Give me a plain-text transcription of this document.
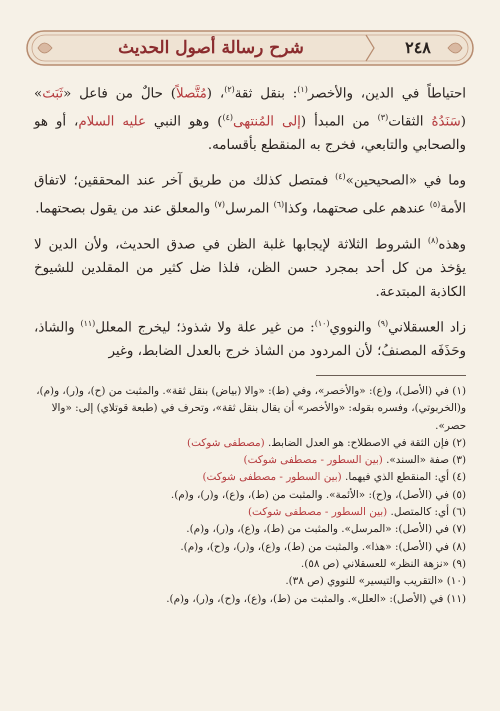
شرح رسالة أصول الحديث	٢٤٨

احتياطاً في الدين، والأخصر$^{(١)}$: بنقل ثقة$^{(٢)}$، (مُتَّصلاً) حالٌ من فاعل «ثَبَتَ» (سَنَدُهُ الثقات$^{(٣)}$ من المبدأ (إلى المُنتهى$^{(٤)}$) وهو النبي عليه السلام، أو هو والصحابي والتابعي، فخرج به المنقطع بأقسامه.

وما في «الصحيحين»$^{(٤)}$ فمتصل كذلك من طريق آخر عند المحققين؛ لاتفاق الأمة$^{(٥)}$ عندهم على صحتهما، وكذا$^{(٦)}$ المرسل$^{(٧)}$ والمعلق عند من يقول بصحتهما.

وهذه$^{(٨)}$ الشروط الثلاثة لإيجابها غلبة الظن في صدق الحديث، ولأن الدين لا يؤخذ من كل أحد بمجرد حسن الظن، فلذا ضل كثير من المقلدين للشيوخ الكاذبة المبتدعة.

زاد العسقلاني$^{(٩)}$ والنووي$^{(١٠)}$: من غير علة ولا شذوذ؛ ليخرج المعلل$^{(١١)}$ والشاذ، وحَذَفَه المصنفُ؛ لأن المردود من الشاذ خرج بالعدل الضابط، وغير

(١) في (الأصل)، و(ع): «والأخصر»، وفي (ط): «والا (بياض) بنقل ثقة». والمثبت من (ح)، و(ر)، و(م)، و(الخربوتي)، وفسره بقوله: «والأخصر» أن يقال بنقل ثقة»، وتحرف في (طبعة قوتلاي) إلى: «والا حصر».
(٢) فإن الثقة في الاصطلاح: هو العدل الضابط. (مصطفى شوكت)
(٣) صفة «السند». (بين السطور - مصطفى شوكت)
(٤) أي: المنقطع الذي فيهما. (بين السطور - مصطفى شوكت)
(٥) في (الأصل)، و(ح): «الأئمة». والمثبت من (ط)، و(ع)، و(ر)، و(م).
(٦) أي: كالمتصل. (بين السطور - مصطفى شوكت)
(٧) في (الأصل): «المرسل». والمثبت من (ط)، و(ع)، و(ر)، و(م).
(٨) في (الأصل): «هذا». والمثبت من (ط)، و(ع)، و(ر)، و(ح)، و(م).
(٩) «نزهة النظر» للعسقلاني (ص ٥٨).
(١٠) «التقريب والتيسير» للنووي (ص ٣٨).
(١١) في (الأصل): «العلل». والمثبت من (ط)، و(ع)، و(ح)، و(ر)، و(م).
